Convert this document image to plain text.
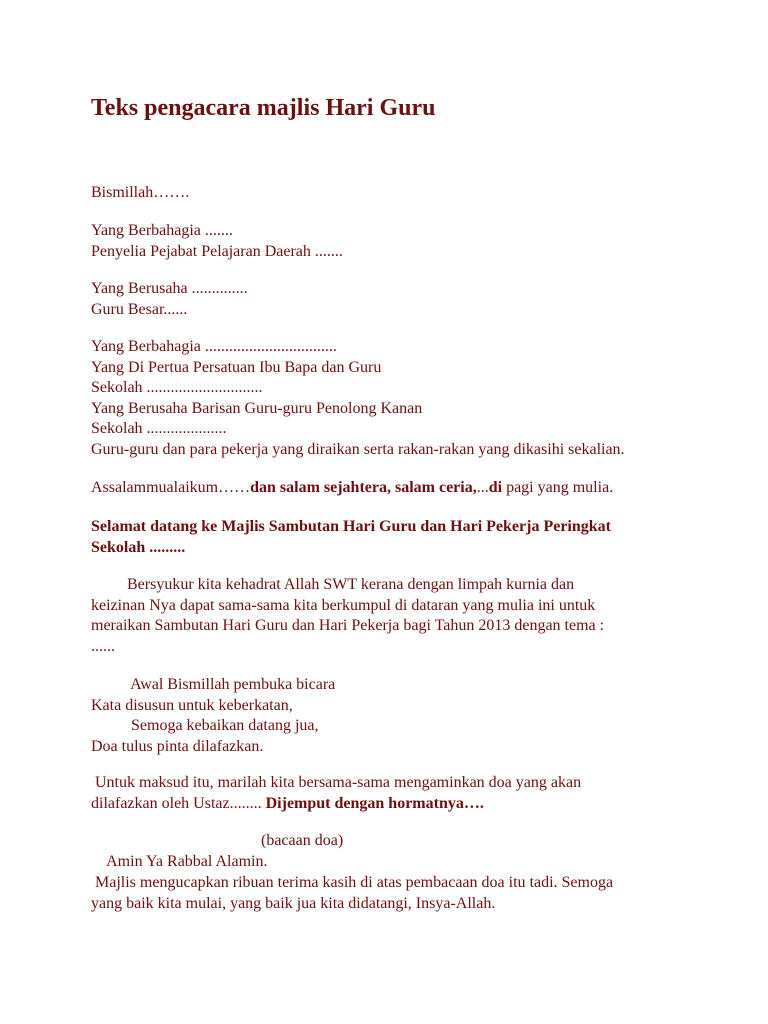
Teks pengacara majlis Hari Guru
Bismillah…….
Yang Berbahagia .......
Penyelia Pejabat Pelajaran Daerah .......
Yang Berusaha ..............
Guru Besar......
Yang Berbahagia .................................
Yang Di Pertua Persatuan Ibu Bapa dan Guru
Sekolah .............................
Yang Berusaha Barisan Guru-guru Penolong Kanan
Sekolah ....................
Guru-guru dan para pekerja yang diraikan serta rakan-rakan yang dikasihi sekalian.
Assalammualaikum……dan salam sejahtera, salam ceria,...di pagi yang mulia.
Selamat datang ke Majlis Sambutan Hari Guru dan Hari Pekerja Peringkat
Sekolah .........
Bersyukur kita kehadrat Allah SWT kerana dengan limpah kurnia dan
keizinan Nya dapat sama-sama kita berkumpul di dataran yang mulia ini untuk
meraikan Sambutan Hari Guru dan Hari Pekerja bagi Tahun 2013 dengan tema :
......
Awal Bismillah pembuka bicara
Kata disusun untuk keberkatan,
Semoga kebaikan datang jua,
Doa tulus pinta dilafazkan.
Untuk maksud itu, marilah kita bersama-sama mengaminkan doa yang akan
dilafazkan oleh Ustaz........ Dijemput dengan hormatnya….
(bacaan doa)
Amin Ya Rabbal Alamin.
Majlis mengucapkan ribuan terima kasih di atas pembacaan doa itu tadi. Semoga
yang baik kita mulai, yang baik jua kita didatangi, Insya-Allah.
